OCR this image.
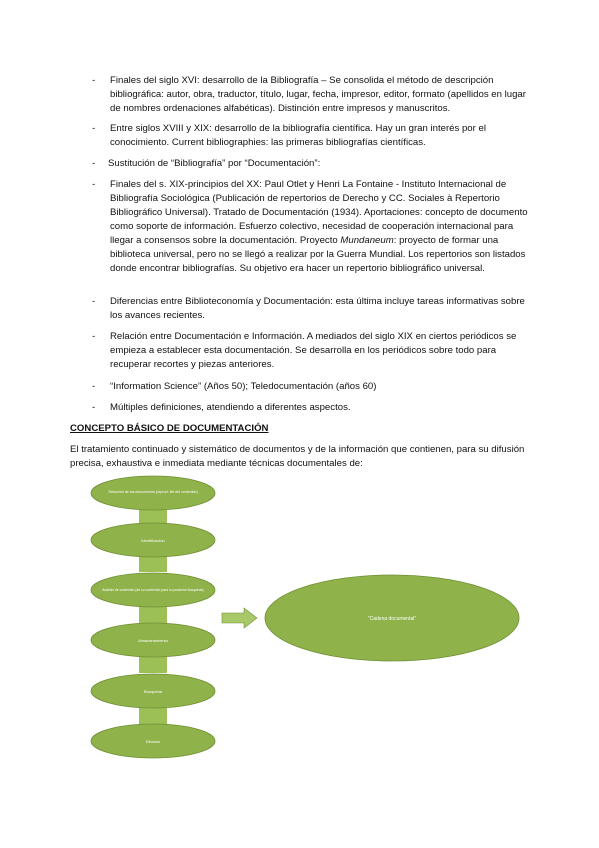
- Finales del siglo XVI: desarrollo de la Bibliografía – Se consolida el método de descripción bibliográfica: autor, obra, traductor, título, lugar, fecha, impresor, editor, formato (apellidos en lugar de nombres ordenaciones alfabéticas). Distinción entre impresos y manuscritos.
- Entre siglos XVIII y XIX: desarrollo de la bibliografía científica. Hay un gran interés por el conocimiento. Current bibliographies: las primeras bibliografías científicas.
- Sustitución de “Bibliografía” por “Documentación”:
- Finales del s. XIX-principios del XX: Paul Otlet y Henri La Fontaine - Instituto Internacional de Bibliografía Sociológica (Publicación de repertorios de Derecho y CC. Sociales à Repertorio Bibliográfico Universal). Tratado de Documentación (1934). Aportaciones: concepto de documento como soporte de información. Esfuerzo colectivo, necesidad de cooperación internacional para llegar a consensos sobre la documentación. Proyecto Mundaneum: proyecto de formar una biblioteca universal, pero no se llegó a realizar por la Guerra Mundial. Los repertorios son listados donde encontrar bibliografías. Su objetivo era hacer un repertorio bibliográfico universal.
- Diferencias entre Biblioteconomía y Documentación: esta última incluye tareas informativas sobre los avances recientes.
- Relación entre Documentación e Información. A mediados del siglo XIX en ciertos periódicos se empieza a establecer esta documentación. Se desarrolla en los periódicos sobre todo para recuperar recortes y piezas anteriores.
- “Information Science” (Años 50); Teledocumentación (años 60)
- Múltiples definiciones, atendiendo a diferentes aspectos.
CONCEPTO BÁSICO DE DOCUMENTACIÓN
El tratamiento continuado y sistemático de documentos y de la información que contienen, para su difusión precisa, exhaustiva e inmediata mediante técnicas documentales de:
Selección de los documentos (reprod. fiel del contenido)
Identificación
Análisis de contenido (de su contenido para su posterior búsqueda)
Almacenamiento
Búsqueda
Difusión
"Cadena documental"
